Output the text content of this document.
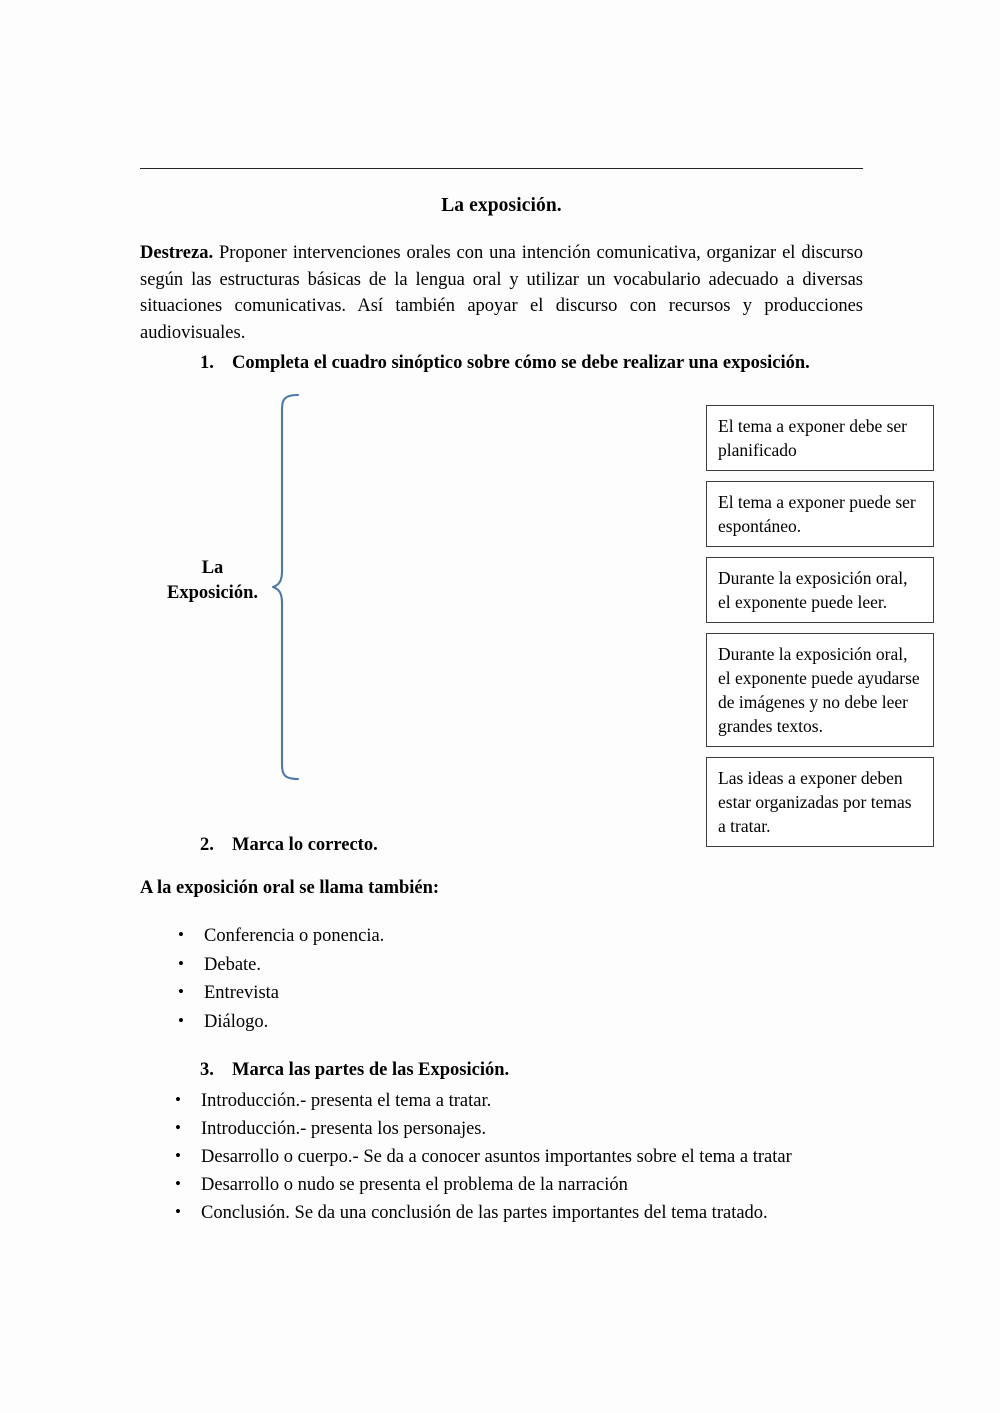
La exposición.
Destreza. Proponer intervenciones orales con una intención comunicativa, organizar el discurso según las estructuras básicas de la lengua oral y utilizar un vocabulario adecuado a diversas situaciones comunicativas. Así también apoyar el discurso con recursos y producciones audiovisuales.
1. Completa el cuadro sinóptico sobre cómo se debe realizar una exposición.
La
Exposición.
El tema a exponer debe ser planificado
El tema a exponer puede ser espontáneo.
Durante la exposición oral, el exponente puede leer.
Durante la exposición oral, el exponente puede ayudarse de imágenes y no debe leer grandes textos.
Las ideas a exponer deben estar organizadas por temas a tratar.
2. Marca lo correcto.
A la exposición oral se llama también:
• Conferencia o ponencia.
• Debate.
• Entrevista
• Diálogo.
3. Marca las partes de las Exposición.
• Introducción.- presenta el tema a tratar.
• Introducción.- presenta los personajes.
• Desarrollo o cuerpo.- Se da a conocer asuntos importantes sobre el tema a tratar
• Desarrollo o nudo se presenta el problema de la narración
• Conclusión. Se da una conclusión de las partes importantes del tema tratado.
